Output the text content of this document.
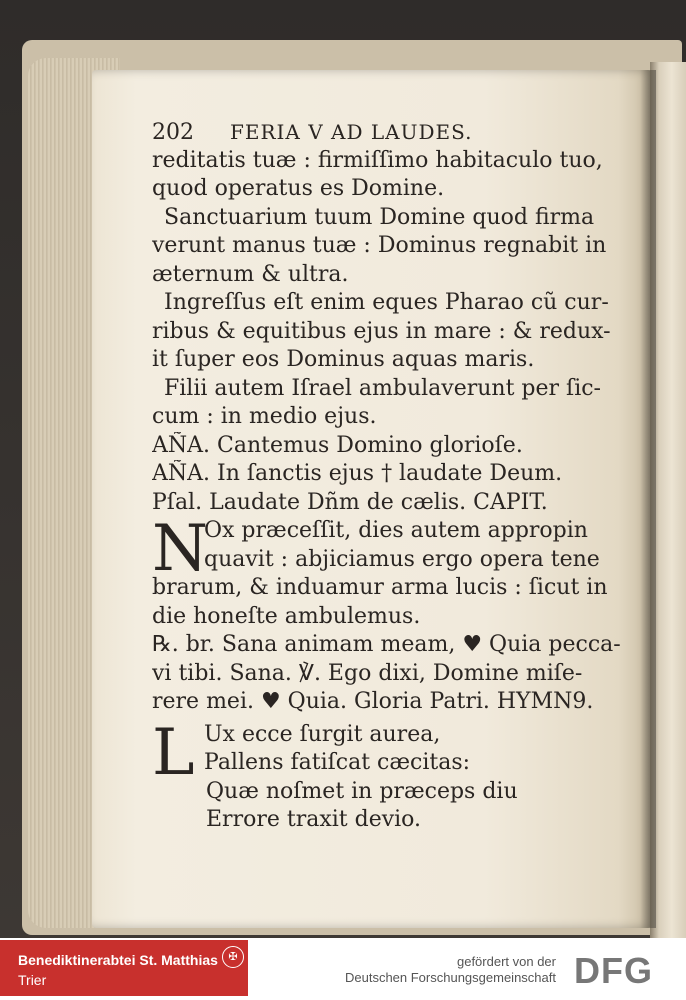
202 FERIA V AD LAUDES.
reditatis tuæ : firmiſſimo habitaculo tuo,
quod operatus es Domine.
Sanctuarium tuum Domine quod firma
verunt manus tuæ : Dominus regnabit in
æternum & ultra.
Ingreſſus eſt enim eques Pharao cũ cur-
ribus & equitibus ejus in mare : & redux-
it ſuper eos Dominus aquas maris.
Filii autem Iſrael ambulaverunt per ſic-
cum : in medio ejus.
AÑA. Cantemus Domino glorioſe.
AÑA. In ſanctis ejus † laudate Deum.
Pſal. Laudate Dñm de cælis. CAPIT.
N
Ox præceſſit, dies autem appropin
quavit : abjiciamus ergo opera tene
brarum, & induamur arma lucis : ſicut in
die honeſte ambulemus.
℞. br. Sana animam meam, ♥ Quia pecca-
vi tibi. Sana. ℣. Ego dixi, Domine miſe-
rere mei. ♥ Quia. Gloria Patri. HYMN9.
L Ux ecce ſurgit aurea,
Pallens fatiſcat cæcitas:
Quæ noſmet in præceps diu
Errore traxit devio.
Benediktinerabtei St. Matthias
Trier
✠	gefördert von der
Deutschen Forschungsgemeinschaft DFG
